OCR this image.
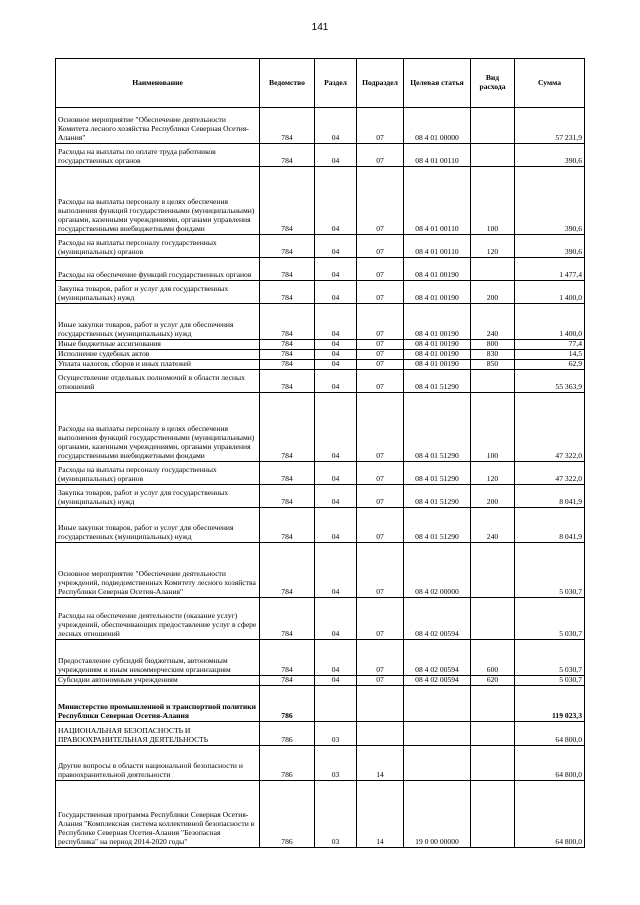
141
Наименование	Ведомство	Раздел	Подраздел	Целевая статья	Вид расхода	Сумма
Основное мероприятие "Обеспечение деятельности Комитета лесного хозяйства Республики Северная Осетия-Алания"	784	04	07	08 4 01 00000		57 231,9
Расходы на выплаты по оплате труда работников государственных органов	784	04	07	08 4 01 00110		390,6
Расходы на выплаты персоналу в целях обеспечения выполнения функций государственными (муниципальными) органами, казенными учреждениями, органами управления государственными внебюджетными фондами	784	04	07	08 4 01 00110	100	390,6
Расходы на выплаты персоналу государственных (муниципальных) органов	784	04	07	08 4 01 00110	120	390,6
Расходы на обеспечение функций государственных органов	784	04	07	08 4 01 00190		1 477,4
Закупка товаров, работ и услуг для государственных (муниципальных) нужд	784	04	07	08 4 01 00190	200	1 400,0
Иные закупки товаров, работ и услуг для обеспечения государственных (муниципальных) нужд	784	04	07	08 4 01 00190	240	1 400,0
Иные бюджетные ассигнования	784	04	07	08 4 01 00190	800	77,4
Исполнение судебных актов	784	04	07	08 4 01 00190	830	14,5
Уплата налогов, сборов и иных платежей	784	04	07	08 4 01 00190	850	62,9
Осуществление отдельных полномочий в области лесных отношений	784	04	07	08 4 01 51290		55 363,9
Расходы на выплаты персоналу в целях обеспечения выполнения функций государственными (муниципальными) органами, казенными учреждениями, органами управления государственными внебюджетными фондами	784	04	07	08 4 01 51290	100	47 322,0
Расходы на выплаты персоналу государственных (муниципальных) органов	784	04	07	08 4 01 51290	120	47 322,0
Закупка товаров, работ и услуг для государственных (муниципальных) нужд	784	04	07	08 4 01 51290	200	8 041,9
Иные закупки товаров, работ и услуг для обеспечения государственных (муниципальных) нужд	784	04	07	08 4 01 51290	240	8 041,9
Основное мероприятие "Обеспечение деятельности учреждений, подведомственных Комитету лесного хозяйства Республики Северная Осетия-Алания"	784	04	07	08 4 02 00000		5 030,7
Расходы на обеспечение деятельности (оказание услуг) учреждений, обеспечивающих предоставление услуг в сфере лесных отношений	784	04	07	08 4 02 00594		5 030,7
Предоставление субсидий бюджетным, автономным учреждениям и иным некоммерческим организациям	784	04	07	08 4 02 00594	600	5 030,7
Субсидии автономным учреждениям	784	04	07	08 4 02 00594	620	5 030,7
Министерство промышленной и транспортной политики Республики Северная Осетия-Алания	786					119 023,3
НАЦИОНАЛЬНАЯ БЕЗОПАСНОСТЬ И ПРАВООХРАНИТЕЛЬНАЯ ДЕЯТЕЛЬНОСТЬ	786	03				64 800,0
Другие вопросы в области национальной безопасности и правоохранительной деятельности	786	03	14			64 800,0
Государственная программа Республики Северная Осетия-Алания "Комплексная система коллективной безопасности в Республике Северная Осетия-Алания "Безопасная республика" на период 2014-2020 годы"	786	03	14	19 0 00 00000		64 800,0
